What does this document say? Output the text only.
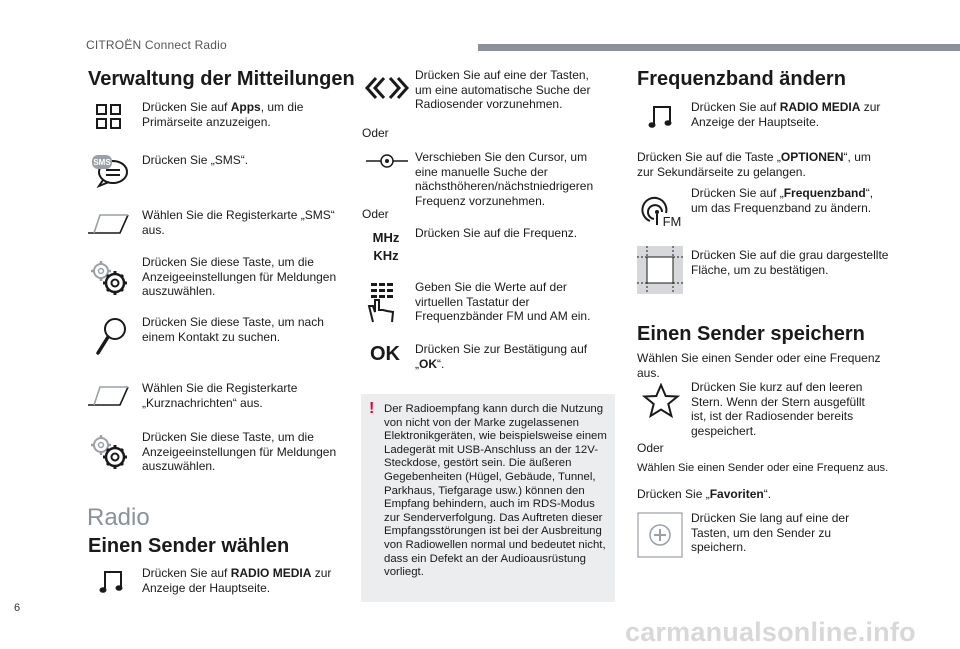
CITROËN Connect Radio
Verwaltung der Mitteilungen
Drücken Sie auf Apps, um die Primärseite anzuzeigen.
SMS	Drücken Sie „SMS“.
Wählen Sie die Registerkarte „SMS“ aus.
Drücken Sie diese Taste, um die Anzeigeeinstellungen für Meldungen auszuwählen.
Drücken Sie diese Taste, um nach einem Kontakt zu suchen.
Wählen Sie die Registerkarte „Kurznachrichten“ aus.
Drücken Sie diese Taste, um die Anzeigeeinstellungen für Meldungen auszuwählen.
Radio
Einen Sender wählen
Drücken Sie auf RADIO MEDIA zur Anzeige der Hauptseite.
Drücken Sie auf eine der Tasten, um eine automatische Suche der Radiosender vorzunehmen.
Oder
Verschieben Sie den Cursor, um eine manuelle Suche der nächsthöheren/nächstniedrigeren Frequenz vorzunehmen.
Oder
MHz
KHz
Drücken Sie auf die Frequenz.
Geben Sie die Werte auf der virtuellen Tastatur der Frequenzbänder FM und AM ein.
OK Drücken Sie zur Bestätigung auf „OK“.
! Der Radioempfang kann durch die Nutzung von nicht von der Marke zugelassenen Elektronikgeräten, wie beispielsweise einem Ladegerät mit USB-Anschluss an der 12V-Steckdose, gestört sein. Die äußeren Gegebenheiten (Hügel, Gebäude, Tunnel, Parkhaus, Tiefgarage usw.) können den Empfang behindern, auch im RDS-Modus zur Senderverfolgung. Das Auftreten dieser Empfangsstörungen ist bei der Ausbreitung von Radiowellen normal und bedeutet nicht, dass ein Defekt an der Audioausrüstung vorliegt.
Frequenzband ändern
Drücken Sie auf RADIO MEDIA zur Anzeige der Hauptseite.
Drücken Sie auf die Taste „OPTIONEN“, um zur Sekundärseite zu gelangen.
FM
Drücken Sie auf „Frequenzband“, um das Frequenzband zu ändern.
Drücken Sie auf die grau dargestellte Fläche, um zu bestätigen.
Einen Sender speichern
Wählen Sie einen Sender oder eine Frequenz aus.
Drücken Sie kurz auf den leeren Stern. Wenn der Stern ausgefüllt ist, ist der Radiosender bereits gespeichert.
Oder
Wählen Sie einen Sender oder eine Frequenz aus.
Drücken Sie „Favoriten“.
Drücken Sie lang auf eine der Tasten, um den Sender zu speichern.
6
carmanualsonline.info
